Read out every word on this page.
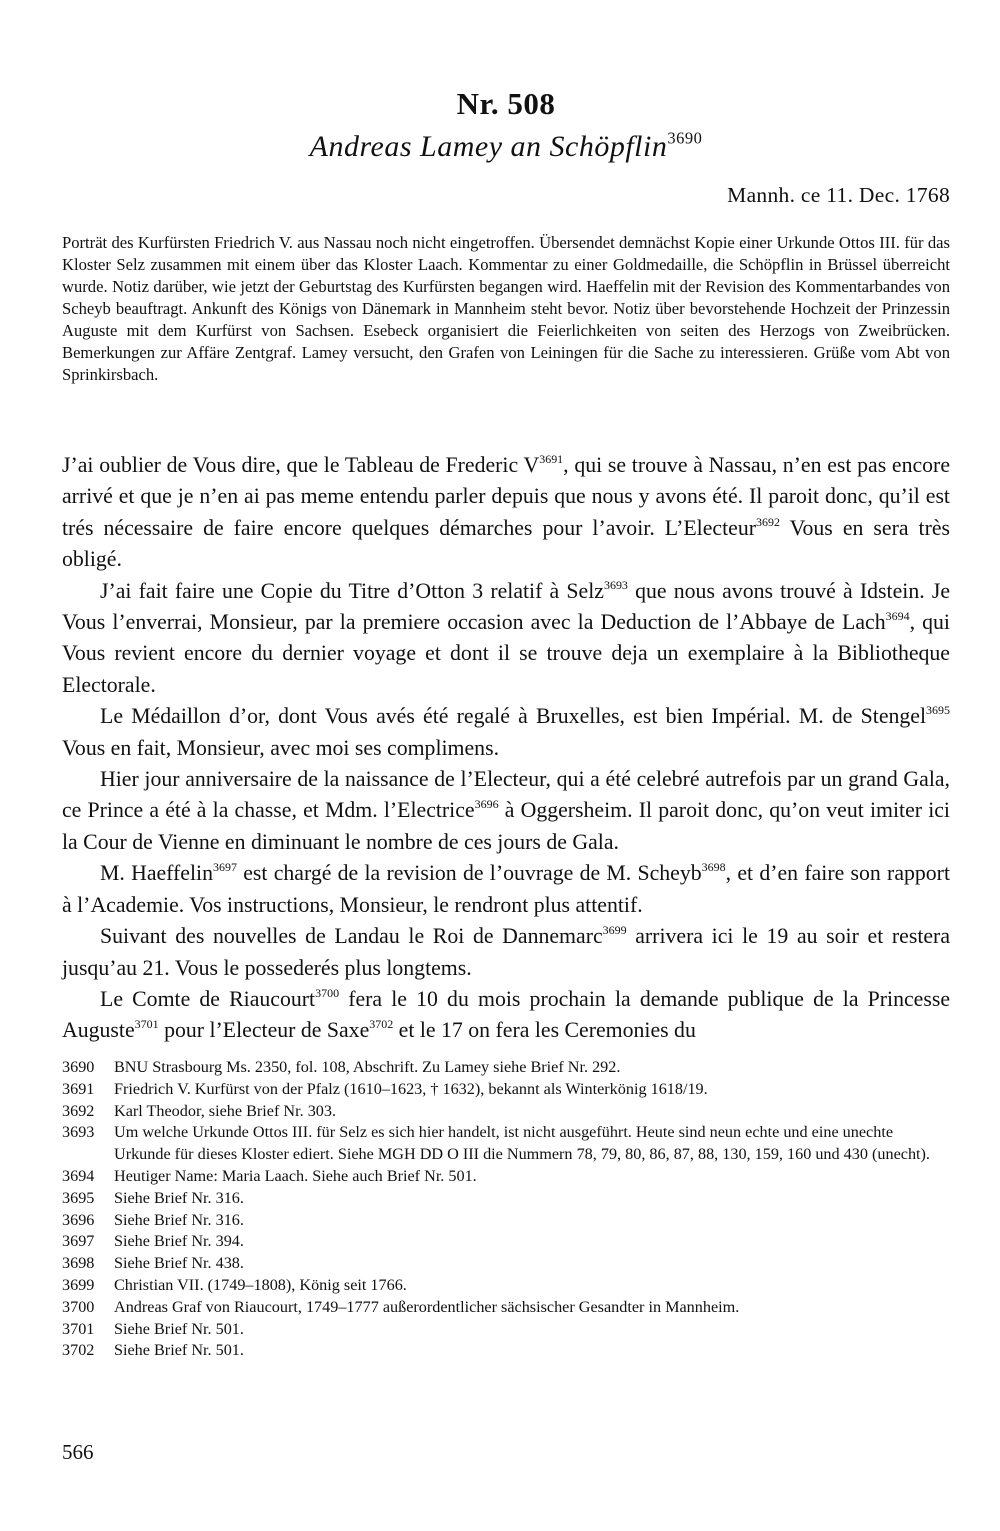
Nr. 508
Andreas Lamey an Schöpflin$^{3690}$
Mannh. ce 11. Dec. 1768
Porträt des Kurfürsten Friedrich V. aus Nassau noch nicht eingetroffen. Übersendet demnächst Kopie einer Urkunde Ottos III. für das Kloster Selz zusammen mit einem über das Kloster Laach. Kommentar zu einer Goldmedaille, die Schöpflin in Brüssel überreicht wurde. Notiz darüber, wie jetzt der Geburtstag des Kurfürsten begangen wird. Haeffelin mit der Revision des Kommentarbandes von Scheyb beauftragt. Ankunft des Königs von Dänemark in Mannheim steht bevor. Notiz über bevorstehende Hochzeit der Prinzessin Auguste mit dem Kurfürst von Sachsen. Esebeck organisiert die Feierlichkeiten von seiten des Herzogs von Zweibrücken. Bemerkungen zur Affäre Zentgraf. Lamey versucht, den Grafen von Leiningen für die Sache zu interessieren. Grüße vom Abt von Sprinkirsbach.

J’ai oublier de Vous dire, que le Tableau de Frederic $V^{3691}$, qui se trouve à Nassau, n’en est pas encore arrivé et que je n’en ai pas meme entendu parler depuis que nous y avons été. Il paroit donc, qu’il est trés nécessaire de faire encore quelques démarches pour l’avoir. L’Electeur$^{3692}$ Vous en sera très obligé.

J’ai fait faire une Copie du Titre d’Otton 3 relatif à Selz$^{3693}$ que nous avons trouvé à Idstein. Je Vous l’enverrai, Monsieur, par la premiere occasion avec la Deduction de l’Abbaye de Lach$^{3694}$, qui Vous revient encore du dernier voyage et dont il se trouve deja un exemplaire à la Bibliotheque Electorale.

Le Médaillon d’or, dont Vous avés été regalé à Bruxelles, est bien Impérial. M. de Stengel$^{3695}$ Vous en fait, Monsieur, avec moi ses complimens.

Hier jour anniversaire de la naissance de l’Electeur, qui a été celebré autrefois par un grand Gala, ce Prince a été à la chasse, et Mdm. l’Electrice$^{3696}$ à Oggersheim. Il paroit donc, qu’on veut imiter ici la Cour de Vienne en diminuant le nombre de ces jours de Gala.

M. Haeffelin$^{3697}$ est chargé de la revision de l’ouvrage de M. Scheyb$^{3698}$, et d’en faire son rapport à l’Academie. Vos instructions, Monsieur, le rendront plus attentif.

Suivant des nouvelles de Landau le Roi de Dannemarc$^{3699}$ arrivera ici le 19 au soir et restera jusqu’au 21. Vous le possederés plus longtems.

Le Comte de Riaucourt$^{3700}$ fera le 10 du mois prochain la demande publique de la Princesse Auguste$^{3701}$ pour l’Electeur de Saxe$^{3702}$ et le 17 on fera les Ceremonies du

3690	BNU Strasbourg Ms. 2350, fol. 108, Abschrift. Zu Lamey siehe Brief Nr. 292.
3691	Friedrich V. Kurfürst von der Pfalz (1610–1623, † 1632), bekannt als Winterkönig 1618/19.
3692	Karl Theodor, siehe Brief Nr. 303.
3693	Um welche Urkunde Ottos III. für Selz es sich hier handelt, ist nicht ausgeführt. Heute sind neun echte und eine unechte Urkunde für dieses Kloster ediert. Siehe MGH DD O III die Nummern 78, 79, 80, 86, 87, 88, 130, 159, 160 und 430 (unecht).
3694	Heutiger Name: Maria Laach. Siehe auch Brief Nr. 501.
3695	Siehe Brief Nr. 316.
3696	Siehe Brief Nr. 316.
3697	Siehe Brief Nr. 394.
3698	Siehe Brief Nr. 438.
3699	Christian VII. (1749–1808), König seit 1766.
3700	Andreas Graf von Riaucourt, 1749–1777 außerordentlicher sächsischer Gesandter in Mannheim.
3701	Siehe Brief Nr. 501.
3702	Siehe Brief Nr. 501.
566
